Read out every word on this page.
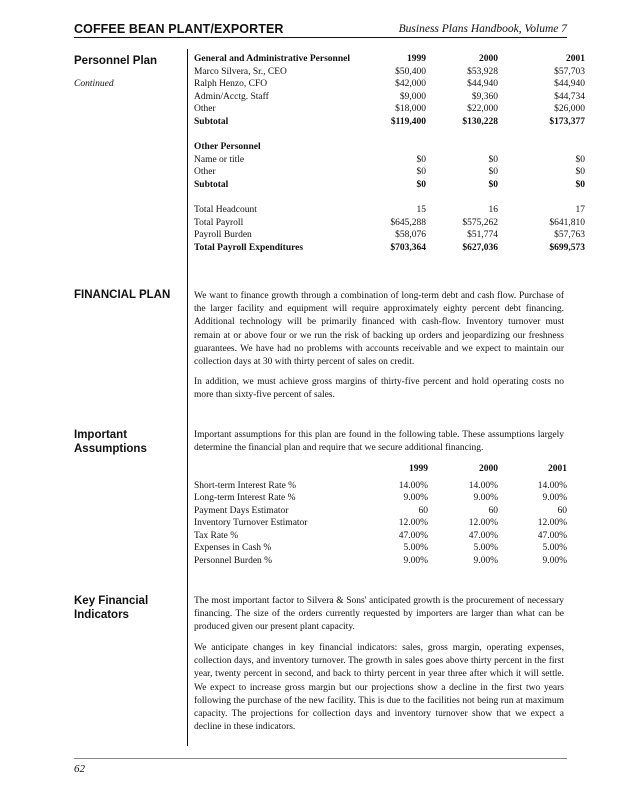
COFFEE BEAN PLANT/EXPORTER	Business Plans Handbook, Volume 7
Personnel Plan
Continued
General and Administrative Personnel	1999	2000	2001
Marco Silvera, Sr., CEO	$50,400	$53,928	$57,703
Ralph Henzo, CFO	$42,000	$44,940	$44,940
Admin/Acctg. Staff	$9,000	$9,360	$44,734
Other	$18,000	$22,000	$26,000
Subtotal	$119,400	$130,228	$173,377

Other Personnel			
Name or title	$0	$0	$0
Other	$0	$0	$0
Subtotal	$0	$0	$0

Total Headcount	15	16	17
Total Payroll	$645,288	$575,262	$641,810
Payroll Burden	$58,076	$51,774	$57,763
Total Payroll Expenditures	$703,364	$627,036	$699,573
FINANCIAL PLAN	We want to finance growth through a combination of long-term debt and cash flow. Purchase of the larger facility and equipment will require approximately eighty percent debt financing. Additional technology will be primarily financed with cash-flow. Inventory turnover must remain at or above four or we run the risk of backing up orders and jeopardizing our freshness guarantees. We have had no problems with accounts receivable and we expect to maintain our collection days at 30 with thirty percent of sales on credit.

In addition, we must achieve gross margins of thirty-five percent and hold operating costs no more than sixty-five percent of sales.

Important Assumptions

Important assumptions for this plan are found in the following table. These assumptions largely determine the financial plan and require that we secure additional financing.

	1999	2000	2001

Short-term Interest Rate %	14.00%	14.00%	14.00%
Long-term Interest Rate %	9.00%	9.00%	9.00%
Payment Days Estimator	60	60	60
Inventory Turnover Estimator	12.00%	12.00%	12.00%
Tax Rate %	47.00%	47.00%	47.00%
Expenses in Cash %	5.00%	5.00%	5.00%
Personnel Burden %	9.00%	9.00%	9.00%
Key Financial Indicators

The most important factor to Silvera & Sons' anticipated growth is the procurement of necessary financing. The size of the orders currently requested by importers are larger than what can be produced given our present plant capacity.

We anticipate changes in key financial indicators: sales, gross margin, operating expenses, collection days, and inventory turnover. The growth in sales goes above thirty percent in the first year, twenty percent in second, and back to thirty percent in year three after which it will settle. We expect to increase gross margin but our projections show a decline in the first two years following the purchase of the new facility. This is due to the facilities not being run at maximum capacity. The projections for collection days and inventory turnover show that we expect a decline in these indicators.

62
